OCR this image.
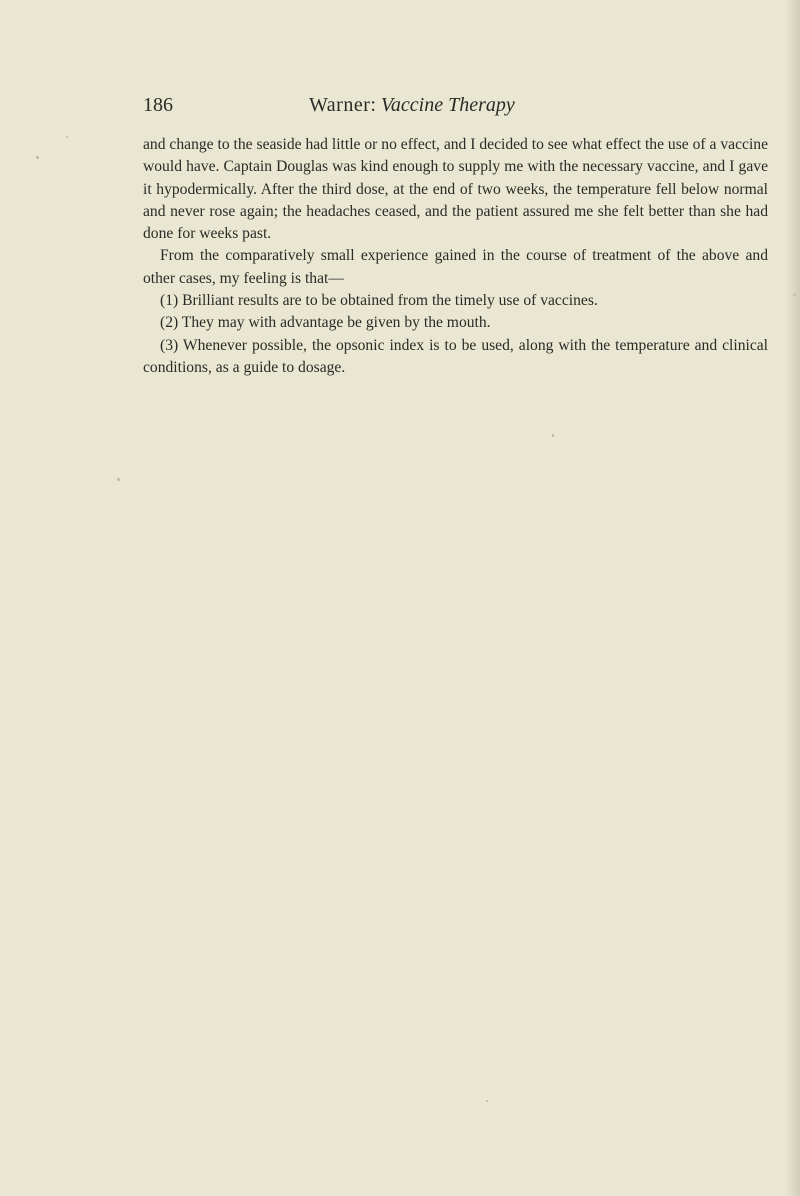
186	Warner: Vaccine Therapy

and change to the seaside had little or no effect, and I decided to see what effect the use of a vaccine would have. Captain Douglas was kind enough to supply me with the necessary vaccine, and I gave it hypodermically. After the third dose, at the end of two weeks, the temperature fell below normal and never rose again; the headaches ceased, and the patient assured me she felt better than she had done for weeks past.

From the comparatively small experience gained in the course of treatment of the above and other cases, my feeling is that—

(1) Brilliant results are to be obtained from the timely use of vaccines.

(2) They may with advantage be given by the mouth.

(3) Whenever possible, the opsonic index is to be used, along with the temperature and clinical conditions, as a guide to dosage.
